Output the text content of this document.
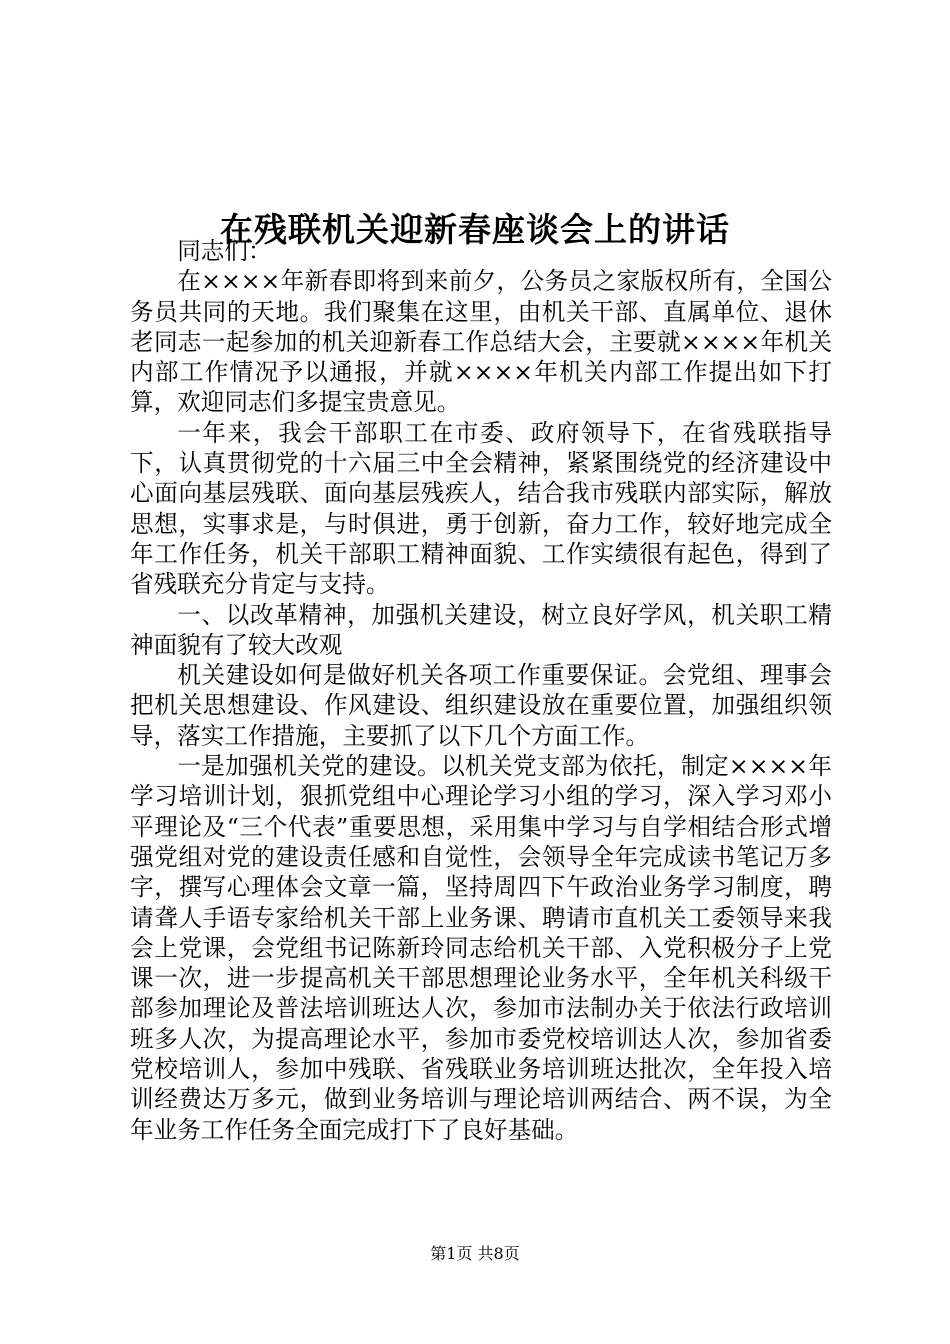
在残联机关迎新春座谈会上的讲话

同志们：

在××××年新春即将到来前夕，公务员之家版权所有，全国公务员共同的天地。我们聚集在这里，由机关干部、直属单位、退休老同志一起参加的机关迎新春工作总结大会，主要就××××年机关内部工作情况予以通报，并就××××年机关内部工作提出如下打算，欢迎同志们多提宝贵意见。

一年来，我会干部职工在市委、政府领导下，在省残联指导下，认真贯彻党的十六届三中全会精神，紧紧围绕党的经济建设中心面向基层残联、面向基层残疾人，结合我市残联内部实际，解放思想，实事求是，与时俱进，勇于创新，奋力工作，较好地完成全年工作任务，机关干部职工精神面貌、工作实绩很有起色，得到了省残联充分肯定与支持。

一、以改革精神，加强机关建设，树立良好学风，机关职工精神面貌有了较大改观

机关建设如何是做好机关各项工作重要保证。会党组、理事会把机关思想建设、作风建设、组织建设放在重要位置，加强组织领导，落实工作措施，主要抓了以下几个方面工作。

一是加强机关党的建设。以机关党支部为依托，制定××××年学习培训计划，狠抓党组中心理论学习小组的学习，深入学习邓小平理论及“三个代表”重要思想，采用集中学习与自学相结合形式增强党组对党的建设责任感和自觉性，会领导全年完成读书笔记万多字，撰写心理体会文章一篇，坚持周四下午政治业务学习制度，聘请聋人手语专家给机关干部上业务课、聘请市直机关工委领导来我会上党课，会党组书记陈新玲同志给机关干部、入党积极分子上党课一次，进一步提高机关干部思想理论业务水平，全年机关科级干部参加理论及普法培训班达人次，参加市法制办关于依法行政培训班多人次，为提高理论水平，参加市委党校培训达人次，参加省委党校培训人，参加中残联、省残联业务培训班达批次，全年投入培训经费达万多元，做到业务培训与理论培训两结合、两不误，为全年业务工作任务全面完成打下了良好基础。

第1页 共8页
